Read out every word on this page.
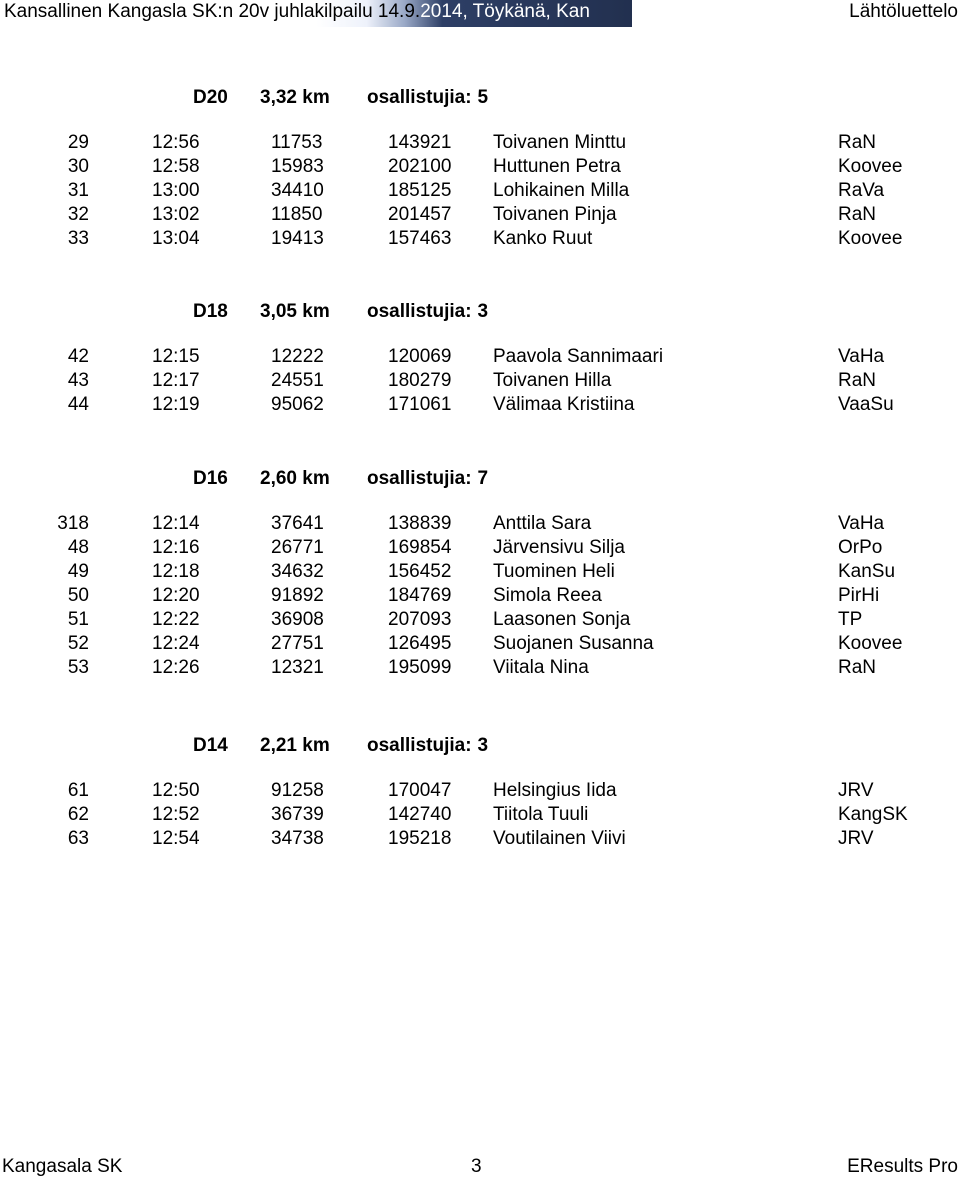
Kansallinen Kangasla SK:n 20v juhlakilpailu 14.9.2014, Töykänä, Kan	Lähtöluettelo
D20 3,32 km osallistujia: 5
29	12:56	11753	143921 Toivanen Minttu	RaN
30	12:58	15983	202100 Huttunen Petra	Koovee
31	13:00	34410	185125 Lohikainen Milla	RaVa
32	13:02	11850	201457 Toivanen Pinja	RaN
33	13:04	19413	157463 Kanko Ruut	Koovee
D18 3,05 km osallistujia: 3
42	12:15	12222	120069 Paavola Sannimaari	VaHa
43	12:17	24551	180279 Toivanen Hilla	RaN
44	12:19	95062	171061 Välimaa Kristiina	VaaSu
D16 2,60 km osallistujia: 7
318	12:14	37641	138839 Anttila Sara	VaHa
48	12:16	26771	169854 Järvensivu Silja	OrPo
49	12:18	34632	156452 Tuominen Heli	KanSu
50	12:20	91892	184769 Simola Reea	PirHi
51	12:22	36908	207093 Laasonen Sonja	TP
52	12:24	27751	126495 Suojanen Susanna	Koovee
53	12:26	12321	195099 Viitala Nina	RaN
D14 2,21 km osallistujia: 3
61	12:50	91258	170047 Helsingius Iida	JRV
62	12:52	36739	142740 Tiitola Tuuli	KangSK
63	12:54	34738	195218 Voutilainen Viivi	JRV
Kangasala SK	3	EResults Pro
